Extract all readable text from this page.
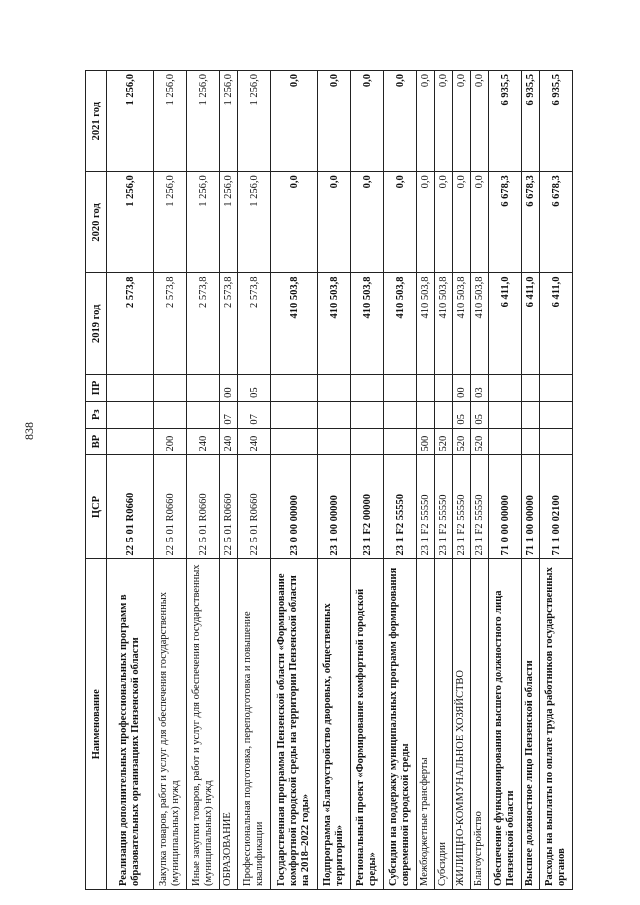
838
Наименование	ЦСР	ВР	Рз	ПР	2019 год	2020 год	2021 год
Реализация дополнительных профессиональных программ в образовательных организациях Пензенской области	22 5 01 R0660				2 573,8	1 256,0	1 256,0
Закупка товаров, работ и услуг для обеспечения государственных (муниципальных) нужд	22 5 01 R0660	200			2 573,8	1 256,0	1 256,0
Иные закупки товаров, работ и услуг для обеспечения государственных (муниципальных) нужд	22 5 01 R0660	240			2 573,8	1 256,0	1 256,0
ОБРАЗОВАНИЕ	22 5 01 R0660	240	07	00	2 573,8	1 256,0	1 256,0
Профессиональная подготовка, переподготовка и повышение квалификации	22 5 01 R0660	240	07	05	2 573,8	1 256,0	1 256,0
Государственная программа Пензенской области «Формирование комфортной городской среды на территории Пензенской области на 2018–2022 годы»	23 0 00 00000				410 503,8	0,0	0,0
Подпрограмма «Благоустройство дворовых, общественных территорий»	23 1 00 00000				410 503,8	0,0	0,0
Региональный проект «Формирование комфортной городской среды»	23 1 F2 00000				410 503,8	0,0	0,0
Субсидии на поддержку муниципальных программ формирования современной городской среды	23 1 F2 55550				410 503,8	0,0	0,0
Межбюджетные трансферты	23 1 F2 55550	500			410 503,8	0,0	0,0
Субсидии	23 1 F2 55550	520			410 503,8	0,0	0,0
ЖИЛИЩНО-КОММУНАЛЬНОЕ ХОЗЯЙСТВО	23 1 F2 55550	520	05	00	410 503,8	0,0	0,0
Благоустройство	23 1 F2 55550	520	05	03	410 503,8	0,0	0,0
Обеспечение функционирования высшего должностного лица Пензенской области	71 0 00 00000				6 411,0	6 678,3	6 935,5
Высшее должностное лицо Пензенской области	71 1 00 00000				6 411,0	6 678,3	6 935,5
Расходы на выплаты по оплате труда работников государственных органов	71 1 00 02100				6 411,0	6 678,3	6 935,5
